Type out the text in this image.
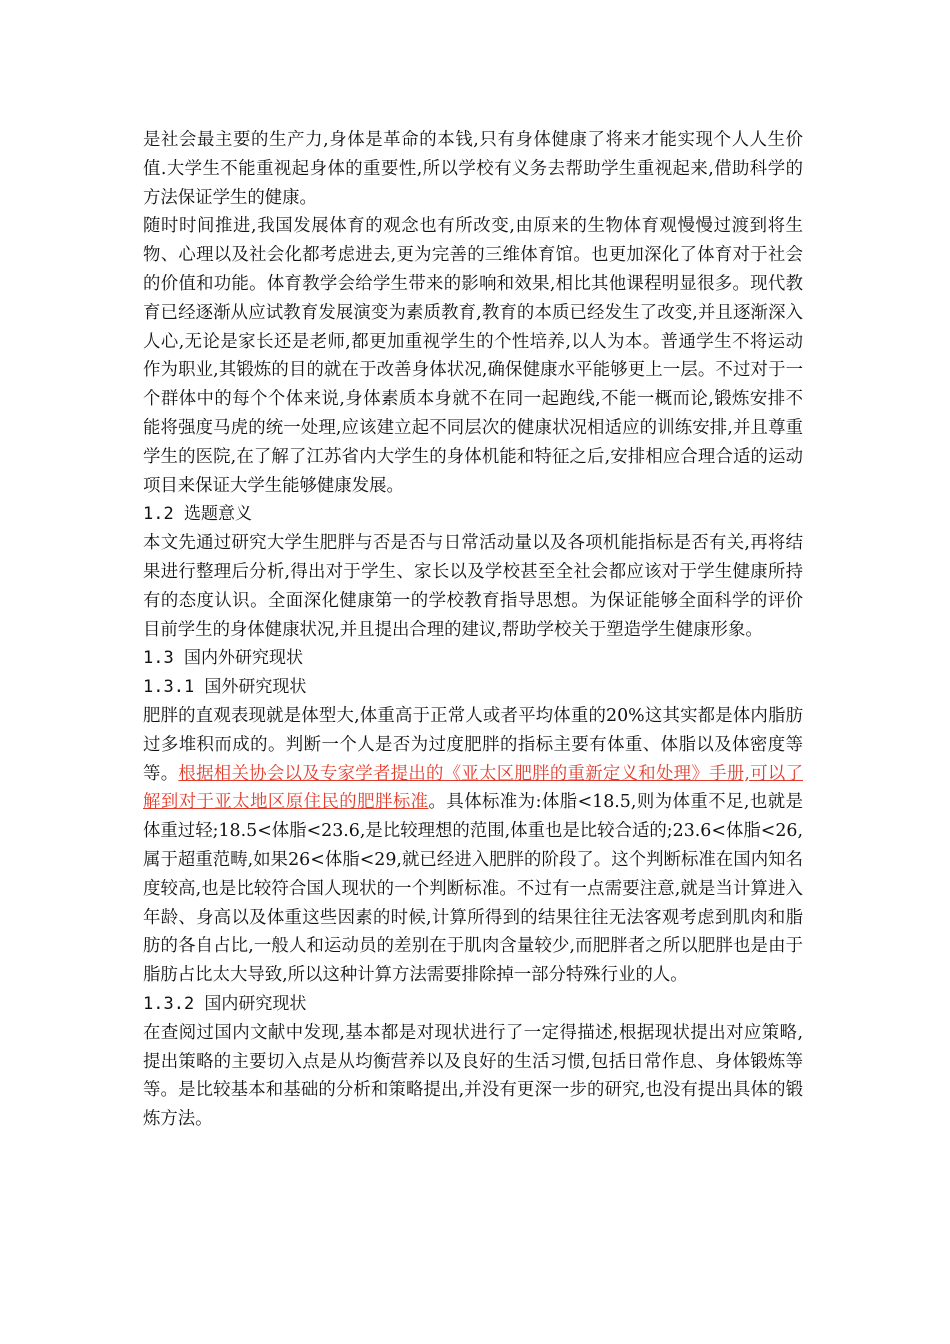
是社会最主要的生产力,身体是革命的本钱,只有身体健康了将来才能实现个人人生价值.大学生不能重视起身体的重要性,所以学校有义务去帮助学生重视起来,借助科学的方法保证学生的健康。

随时时间推进,我国发展体育的观念也有所改变,由原来的生物体育观慢慢过渡到将生物、心理以及社会化都考虑进去,更为完善的三维体育馆。也更加深化了体育对于社会的价值和功能。体育教学会给学生带来的影响和效果,相比其他课程明显很多。现代教育已经逐渐从应试教育发展演变为素质教育,教育的本质已经发生了改变,并且逐渐深入人心,无论是家长还是老师,都更加重视学生的个性培养,以人为本。普通学生不将运动作为职业,其锻炼的目的就在于改善身体状况,确保健康水平能够更上一层。不过对于一个群体中的每个个体来说,身体素质本身就不在同一起跑线,不能一概而论,锻炼安排不能将强度马虎的统一处理,应该建立起不同层次的健康状况相适应的训练安排,并且尊重学生的医院,在了解了江苏省内大学生的身体机能和特征之后,安排相应合理合适的运动项目来保证大学生能够健康发展。

1.2 选题意义

本文先通过研究大学生肥胖与否是否与日常活动量以及各项机能指标是否有关,再将结果进行整理后分析,得出对于学生、家长以及学校甚至全社会都应该对于学生健康所持有的态度认识。全面深化健康第一的学校教育指导思想。为保证能够全面科学的评价目前学生的身体健康状况,并且提出合理的建议,帮助学校关于塑造学生健康形象。

1.3 国内外研究现状

1.3.1 国外研究现状

肥胖的直观表现就是体型大,体重高于正常人或者平均体重的20%这其实都是体内脂肪过多堆积而成的。判断一个人是否为过度肥胖的指标主要有体重、体脂以及体密度等等。根据相关协会以及专家学者提出的《亚太区肥胖的重新定义和处理》手册,可以了解到对于亚太地区原住民的肥胖标准。具体标准为:体脂<18.5,则为体重不足,也就是体重过轻;18.5<体脂<23.6,是比较理想的范围,体重也是比较合适的;23.6<体脂<26,属于超重范畴,如果26<体脂<29,就已经进入肥胖的阶段了。这个判断标准在国内知名度较高,也是比较符合国人现状的一个判断标准。不过有一点需要注意,就是当计算进入年龄、身高以及体重这些因素的时候,计算所得到的结果往往无法客观考虑到肌肉和脂肪的各自占比,一般人和运动员的差别在于肌肉含量较少,而肥胖者之所以肥胖也是由于脂肪占比太大导致,所以这种计算方法需要排除掉一部分特殊行业的人。

1.3.2 国内研究现状

在查阅过国内文献中发现,基本都是对现状进行了一定得描述,根据现状提出对应策略,提出策略的主要切入点是从均衡营养以及良好的生活习惯,包括日常作息、身体锻炼等等。是比较基本和基础的分析和策略提出,并没有更深一步的研究,也没有提出具体的锻炼方法。
